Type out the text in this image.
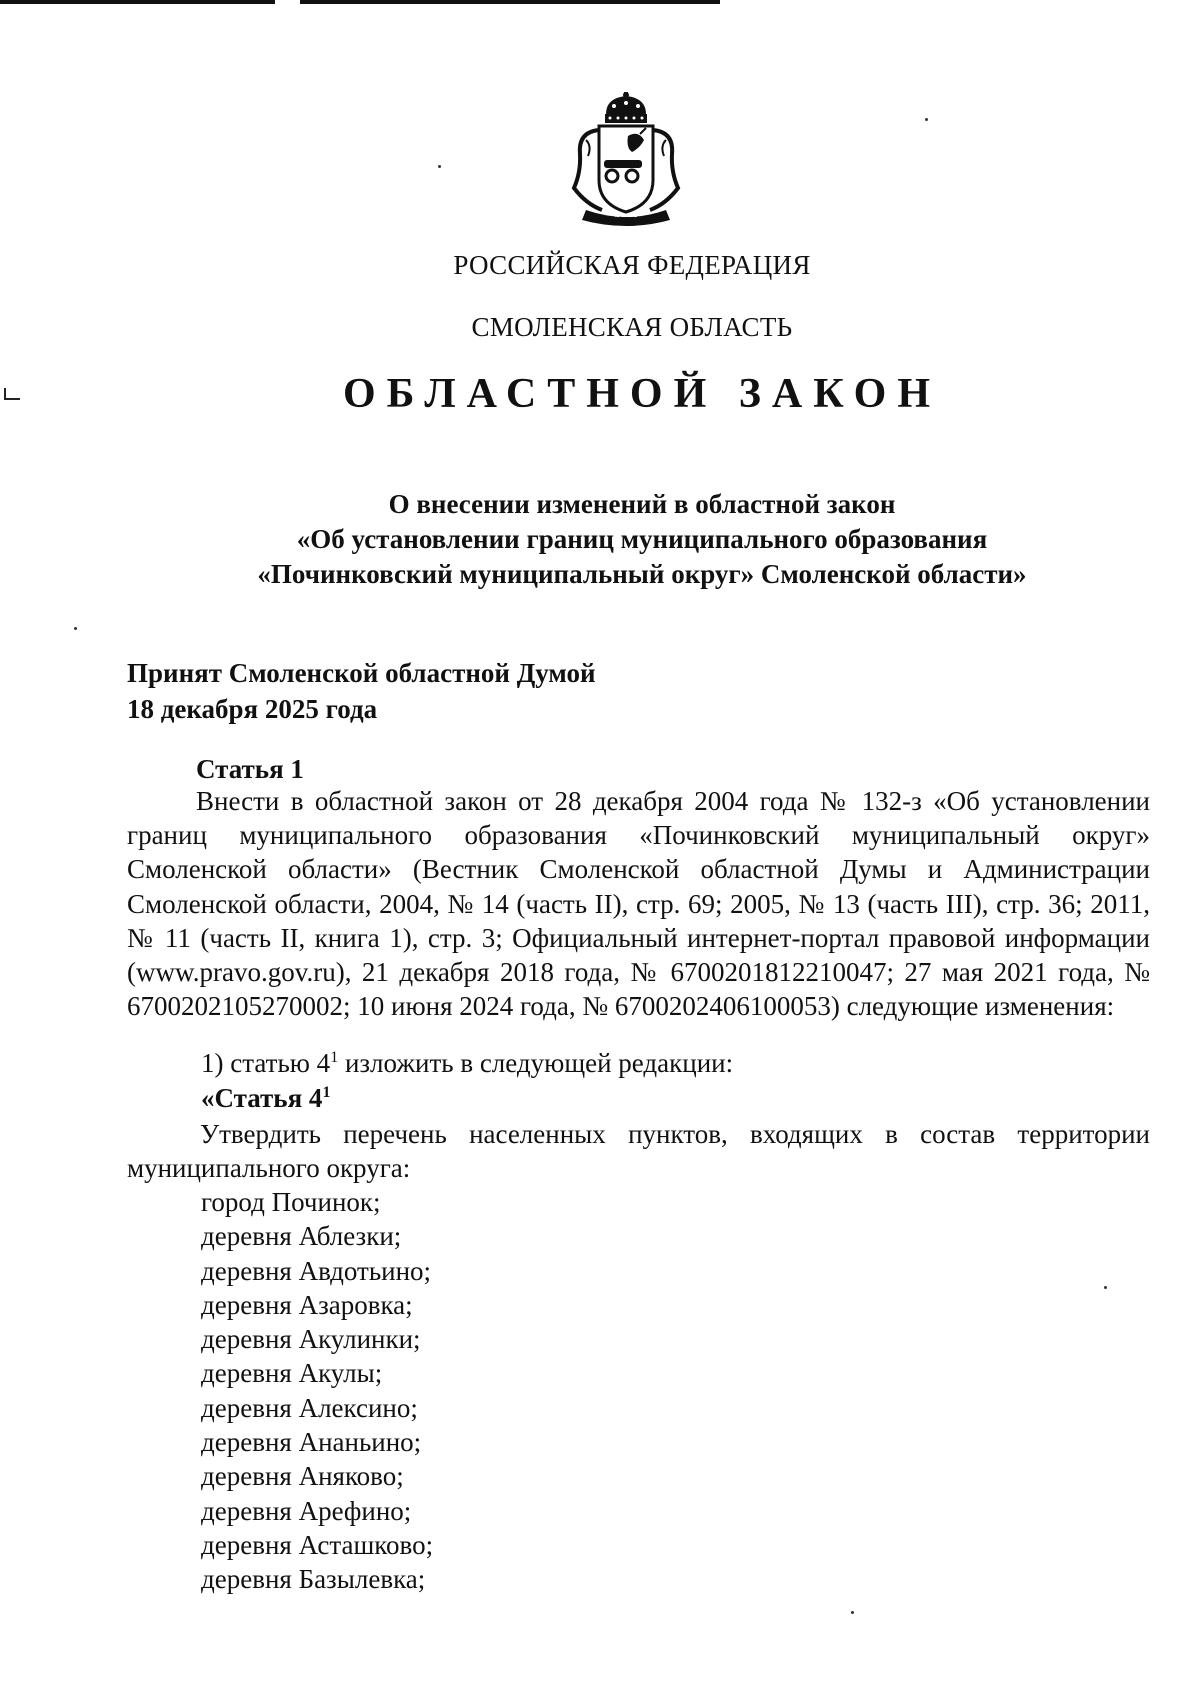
~~~~
РОССИЙСКАЯ ФЕДЕРАЦИЯ
СМОЛЕНСКАЯ ОБЛАСТЬ
ОБЛАСТНОЙ ЗАКОН
О внесении изменений в областной закон
«Об установлении границ муниципального образования
«Починковский муниципальный округ» Смоленской области»
Принят Смоленской областной Думой
18 декабря 2025 года
Статья 1
Внести в областной закон от 28 декабря 2004 года № 132-з «Об установлении границ муниципального образования «Починковский муниципальный округ» Смоленской области» (Вестник Смоленской областной Думы и Администрации Смоленской области, 2004, № 14 (часть II), стр. 69; 2005, № 13 (часть III), стр. 36; 2011, № 11 (часть II, книга 1), стр. 3; Официальный интернет-портал правовой информации (www.pravo.gov.ru), 21 декабря 2018 года, № 6700201812210047; 27 мая 2021 года, № 6700202105270002; 10 июня 2024 года, № 6700202406100053) следующие изменения:
1) статью $4^1$ изложить в следующей редакции:
«Статья $4^1$
Утвердить перечень населенных пунктов, входящих в состав территории муниципального округа:
город Починок;
деревня Аблезки;
деревня Авдотьино;
деревня Азаровка;
деревня Акулинки;
деревня Акулы;
деревня Алексино;
деревня Ананьино;
деревня Аняково;
деревня Арефино;
деревня Асташково;
деревня Базылевка;
